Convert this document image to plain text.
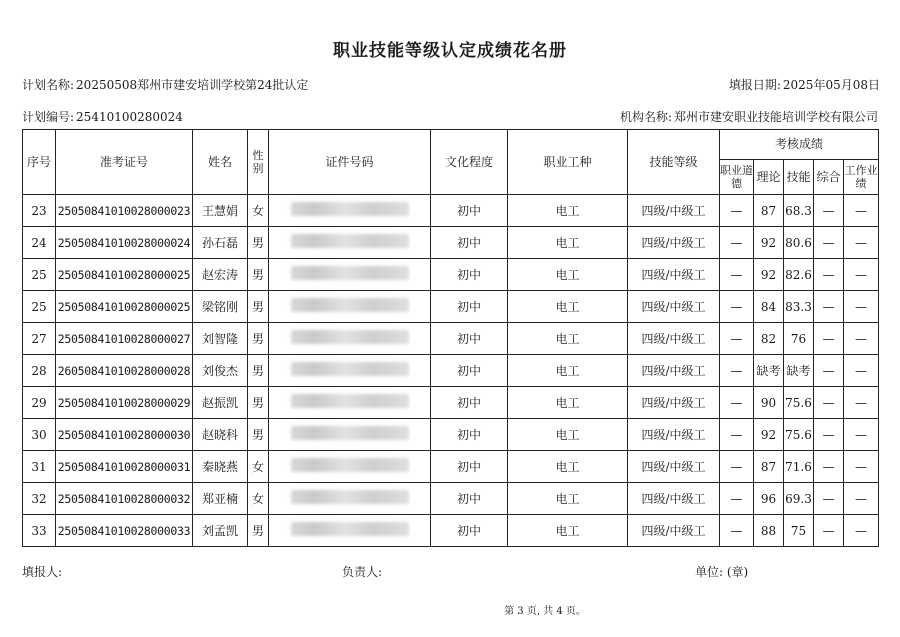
职业技能等级认定成绩花名册
计划名称: 20250508郑州市建安培训学校第24批认定	填报日期: 2025年05月08日
计划编号: 25410100280024	机构名称: 郑州市建安职业技能培训学校有限公司
序号	准考证号	姓名	性别	证件号码	文化程度	职业工种	技能等级	考核成绩				
								职业道德	理论	技能	综合	工作业绩
23	25050841010028000023	王慧娟	女		初中	电工	四级/中级工	—	87	68.3	—	—
24	25050841010028000024	孙石磊	男		初中	电工	四级/中级工	—	92	80.6	—	—
25	25050841010028000025	赵宏涛	男		初中	电工	四级/中级工	—	92	82.6	—	—
25	25050841010028000025	梁铭刚	男		初中	电工	四级/中级工	—	84	83.3	—	—
27	25050841010028000027	刘智隆	男		初中	电工	四级/中级工	—	82	76	—	—
28	26050841010028000028	刘俊杰	男		初中	电工	四级/中级工	—	缺考	缺考	—	—
29	25050841010028000029	赵振凯	男		初中	电工	四级/中级工	—	90	75.6	—	—
30	25050841010028000030	赵晓科	男		初中	电工	四级/中级工	—	92	75.6	—	—
31	25050841010028000031	秦晓燕	女		初中	电工	四级/中级工	—	87	71.6	—	—
32	25050841010028000032	郑亚楠	女		初中	电工	四级/中级工	—	96	69.3	—	—
33	25050841010028000033	刘孟凯	男		初中	电工	四级/中级工	—	88	75	—	—
填报人:	负责人:	单位: (章)
第 3 页, 共 4 页。
